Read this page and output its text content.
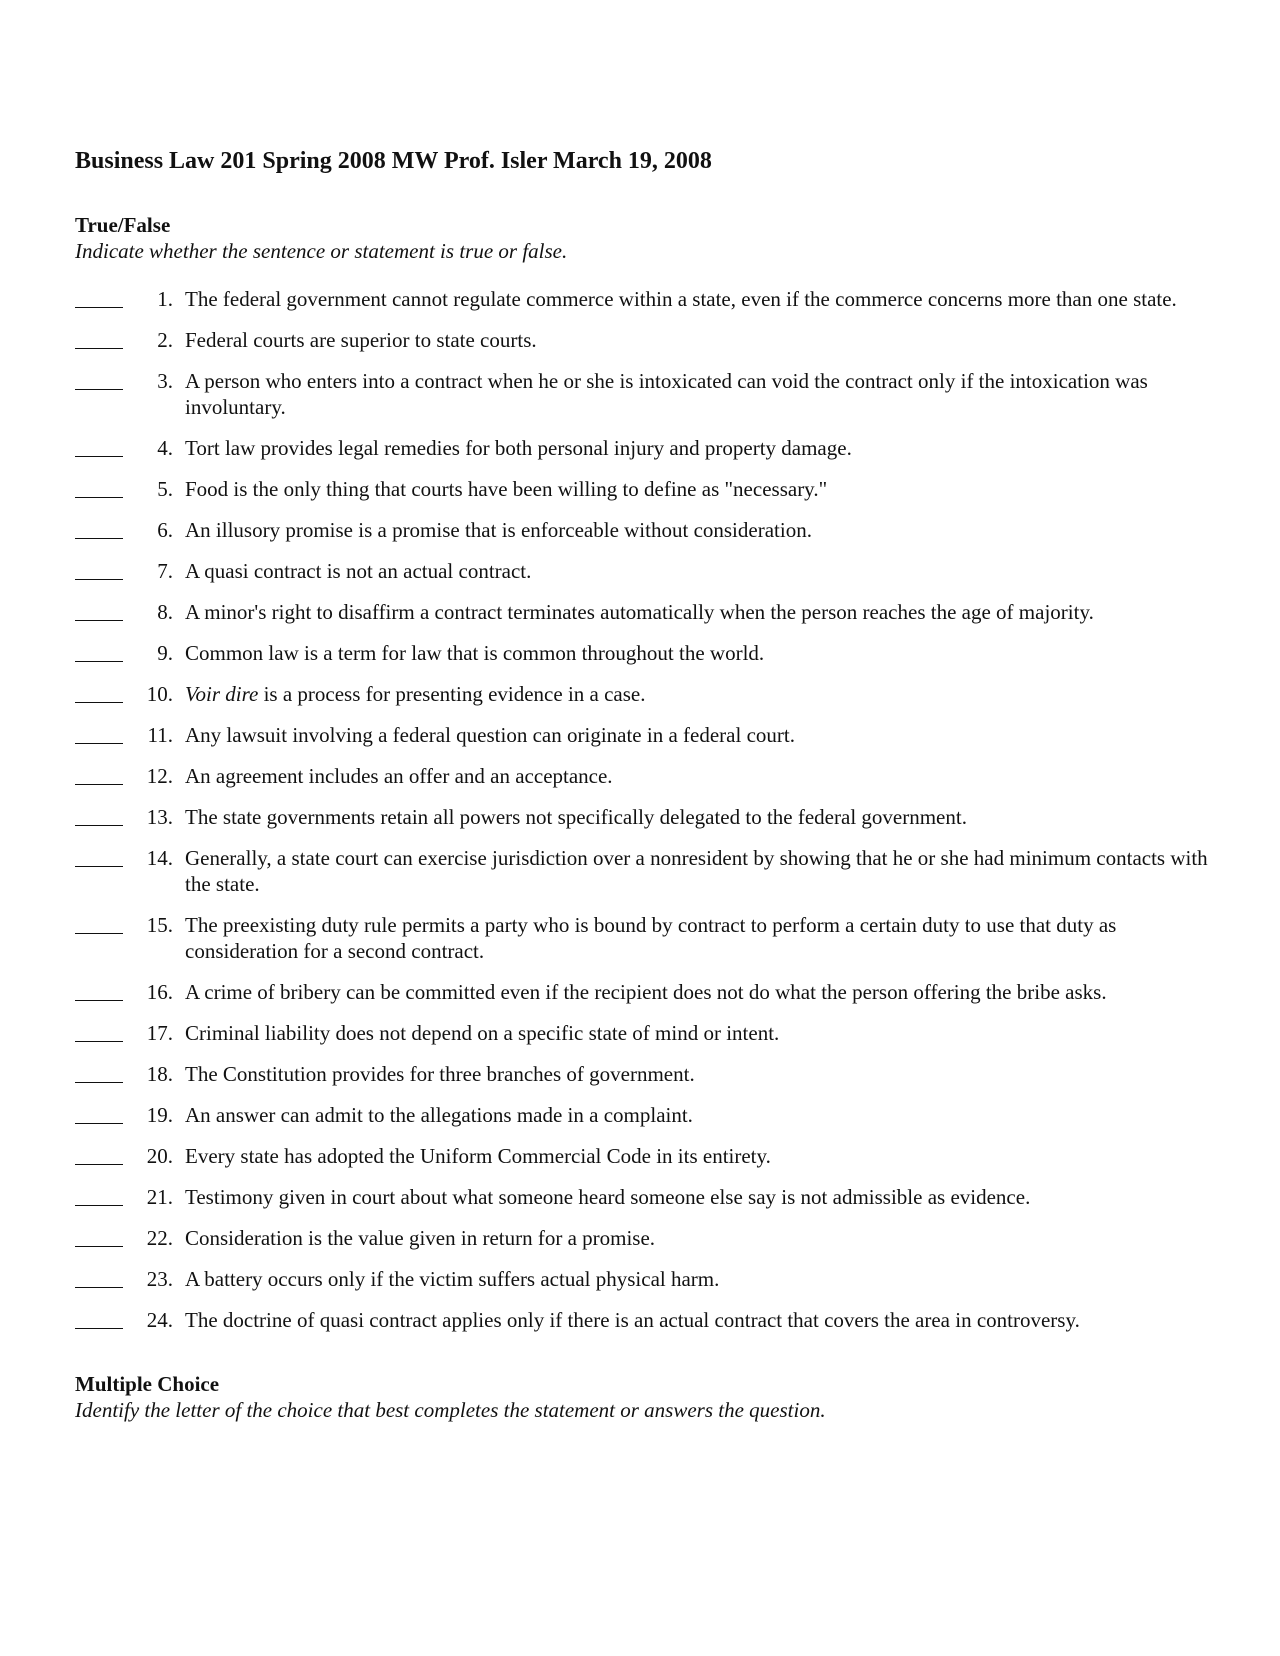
Business Law 201 Spring 2008 MW Prof. Isler March 19, 2008
True/False

Indicate whether the sentence or statement is true or false.

1. The federal government cannot regulate commerce within a state, even if the commerce concerns more than one state.
2. Federal courts are superior to state courts.
3. A person who enters into a contract when he or she is intoxicated can void the contract only if the intoxication was involuntary.
4. Tort law provides legal remedies for both personal injury and property damage.
5. Food is the only thing that courts have been willing to define as "necessary."
6. An illusory promise is a promise that is enforceable without consideration.
7. A quasi contract is not an actual contract.
8. A minor's right to disaffirm a contract terminates automatically when the person reaches the age of majority.
9. Common law is a term for law that is common throughout the world.
10. Voir dire is a process for presenting evidence in a case.
11. Any lawsuit involving a federal question can originate in a federal court.
12. An agreement includes an offer and an acceptance.
13. The state governments retain all powers not specifically delegated to the federal government.
14. Generally, a state court can exercise jurisdiction over a nonresident by showing that he or she had minimum contacts with the state.
15. The preexisting duty rule permits a party who is bound by contract to perform a certain duty to use that duty as consideration for a second contract.
16. A crime of bribery can be committed even if the recipient does not do what the person offering the bribe asks.
17. Criminal liability does not depend on a specific state of mind or intent.
18. The Constitution provides for three branches of government.
19. An answer can admit to the allegations made in a complaint.
20. Every state has adopted the Uniform Commercial Code in its entirety.
21. Testimony given in court about what someone heard someone else say is not admissible as evidence.
22. Consideration is the value given in return for a promise.
23. A battery occurs only if the victim suffers actual physical harm.
24. The doctrine of quasi contract applies only if there is an actual contract that covers the area in controversy.
Multiple Choice

Identify the letter of the choice that best completes the statement or answers the question.
